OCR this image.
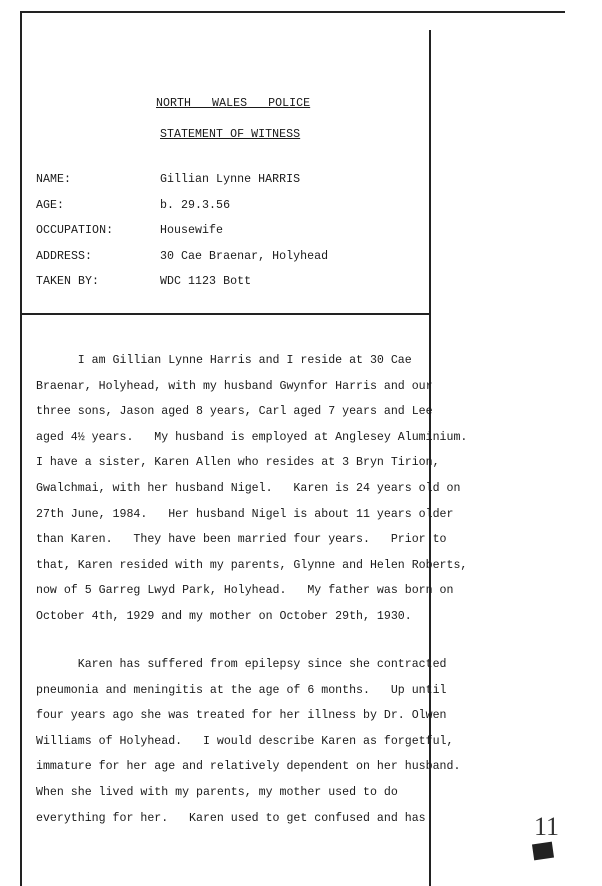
NORTH   WALES   POLICE
STATEMENT OF WITNESS
NAME:	Gillian Lynne HARRIS
AGE:	b. 29.3.56
OCCUPATION:	Housewife
ADDRESS:	30 Cae Braenar, Holyhead
TAKEN BY:	WDC 1123 Bott
I am Gillian Lynne Harris and I reside at 30 Cae
Braenar, Holyhead, with my husband Gwynfor Harris and our
three sons, Jason aged 8 years, Carl aged 7 years and Lee
aged 4½ years.   My husband is employed at Anglesey Aluminium.
I have a sister, Karen Allen who resides at 3 Bryn Tirion,
Gwalchmai, with her husband Nigel.   Karen is 24 years old on
27th June, 1984.   Her husband Nigel is about 11 years older
than Karen.   They have been married four years.   Prior to
that, Karen resided with my parents, Glynne and Helen Roberts,
now of 5 Garreg Lwyd Park, Holyhead.   My father was born on
October 4th, 1929 and my mother on October 29th, 1930.
Karen has suffered from epilepsy since she contracted
pneumonia and meningitis at the age of 6 months.   Up until
four years ago she was treated for her illness by Dr. Olwen
Williams of Holyhead.   I would describe Karen as forgetful,
immature for her age and relatively dependent on her husband.
When she lived with my parents, my mother used to do
everything for her.   Karen used to get confused and has	11
